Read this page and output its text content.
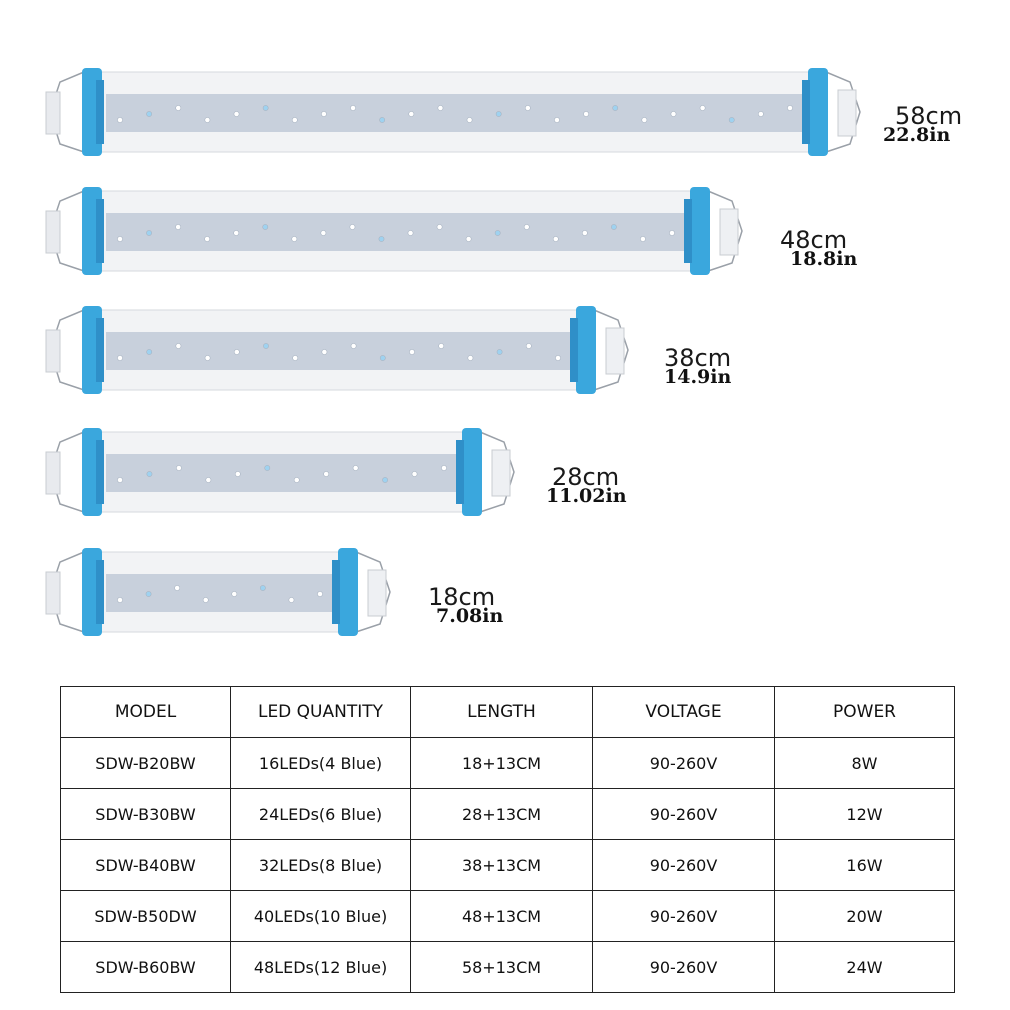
58cm
22.8in
48cm
18.8in
38cm
14.9in
28cm
11.02in
18cm
7.08in
MODEL	LED QUANTITY	LENGTH	VOLTAGE	POWER
SDW-B20BW	16LEDs(4 Blue)	18+13CM	90-260V	8W
SDW-B30BW	24LEDs(6 Blue)	28+13CM	90-260V	12W
SDW-B40BW	32LEDs(8 Blue)	38+13CM	90-260V	16W
SDW-B50DW	40LEDs(10 Blue)	48+13CM	90-260V	20W
SDW-B60BW	48LEDs(12 Blue)	58+13CM	90-260V	24W
